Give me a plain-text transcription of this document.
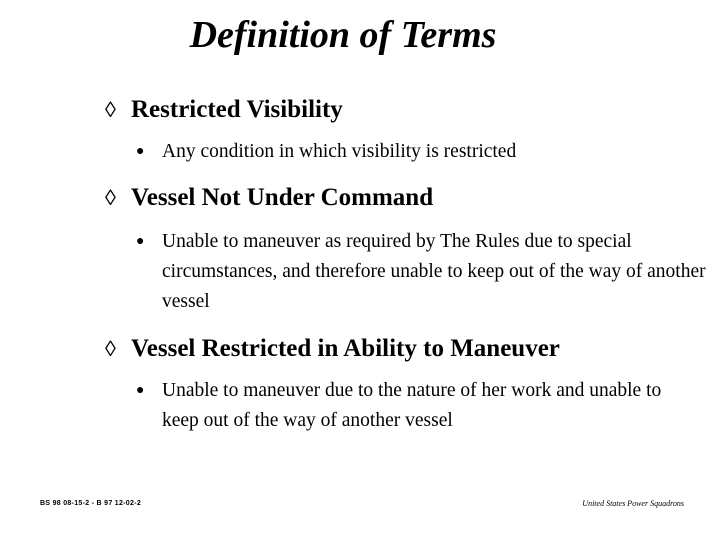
Definition of Terms
◊ Restricted Visibility
● Any condition in which visibility is restricted
◊ Vessel Not Under Command
● Unable to maneuver as required by The Rules due to special circumstances, and therefore unable to keep out of the way of another vessel
◊ Vessel Restricted in Ability to Maneuver
● Unable to maneuver due to the nature of her work and unable to keep out of the way of another vessel
BS 98 08-15-2 - B 97 12-02-2	United States Power Squadrons
